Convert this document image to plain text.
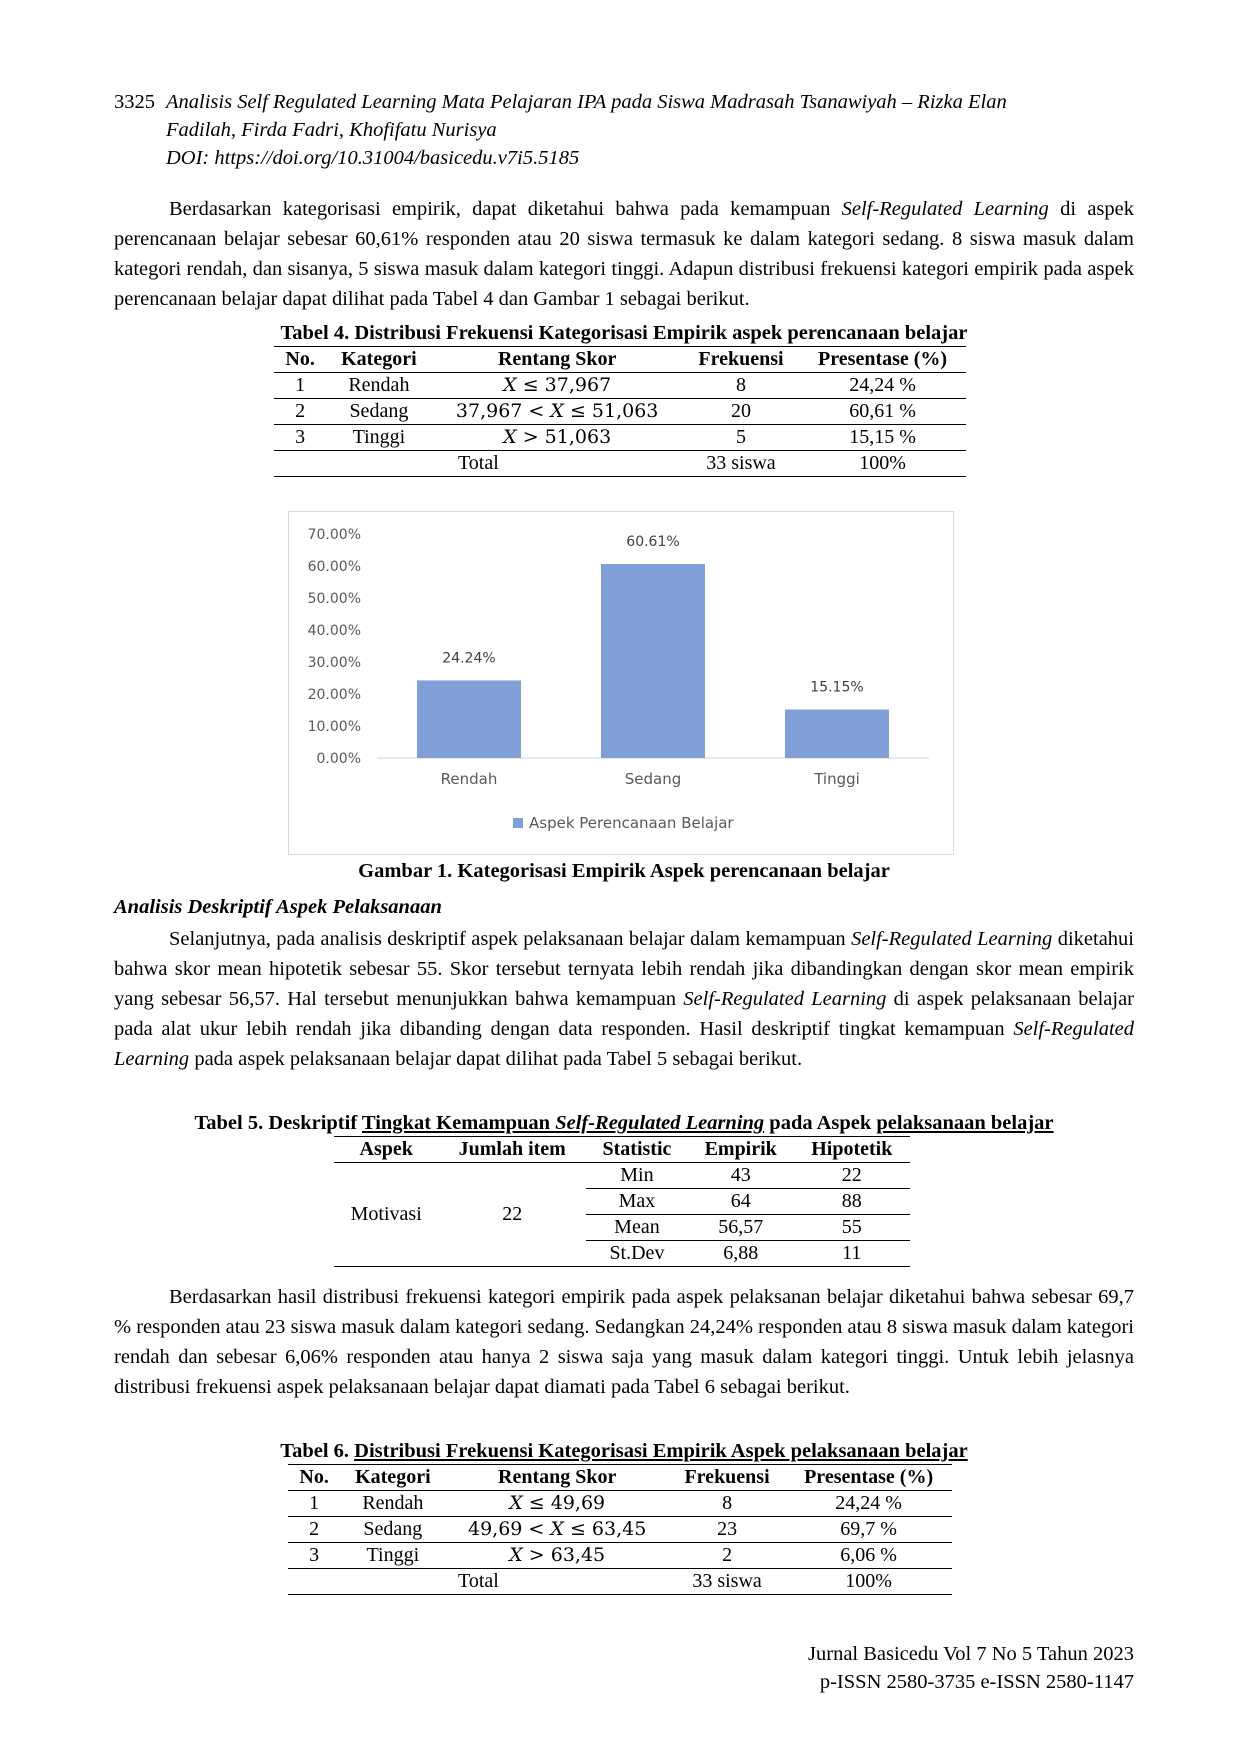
3325 Analisis Self Regulated Learning Mata Pelajaran IPA pada Siswa Madrasah Tsanawiyah – Rizka Elan
Fadilah, Firda Fadri, Khofifatu Nurisya
DOI: https://doi.org/10.31004/basicedu.v7i5.5185
Berdasarkan kategorisasi empirik, dapat diketahui bahwa pada kemampuan Self-Regulated Learning di aspek perencanaan belajar sebesar 60,61% responden atau 20 siswa termasuk ke dalam kategori sedang. 8 siswa masuk dalam kategori rendah, dan sisanya, 5 siswa masuk dalam kategori tinggi. Adapun distribusi frekuensi kategori empirik pada aspek perencanaan belajar dapat dilihat pada Tabel 4 dan Gambar 1 sebagai berikut.
Tabel 4. Distribusi Frekuensi Kategorisasi Empirik aspek perencanaan belajar
No.	Kategori	Rentang Skor	Frekuensi	Presentase (%)
1	Rendah	X ≤ 37,967	8	24,24 %
2	Sedang	37,967 < X ≤ 51,063	20	60,61 %
3	Tinggi	X > 51,063	5	15,15 %
Total			33 siswa	100%
0.00%
10.00%
20.00%
30.00%
40.00%
50.00%
60.00%
70.00%
24.24%
Rendah
60.61%
Sedang
15.15%
Tinggi
Aspek Perencanaan Belajar
Gambar 1. Kategorisasi Empirik Aspek perencanaan belajar
Analisis Deskriptif Aspek Pelaksanaan
Selanjutnya, pada analisis deskriptif aspek pelaksanaan belajar dalam kemampuan Self-Regulated Learning diketahui bahwa skor mean hipotetik sebesar 55. Skor tersebut ternyata lebih rendah jika dibandingkan dengan skor mean empirik yang sebesar 56,57. Hal tersebut menunjukkan bahwa kemampuan Self-Regulated Learning di aspek pelaksanaan belajar pada alat ukur lebih rendah jika dibanding dengan data responden. Hasil deskriptif tingkat kemampuan Self-Regulated Learning pada aspek pelaksanaan belajar dapat dilihat pada Tabel 5 sebagai berikut.
Tabel 5. Deskriptif Tingkat Kemampuan Self-Regulated Learning pada Aspek pelaksanaan belajar
Aspek	Jumlah item	Statistic	Empirik	Hipotetik
Motivasi	22	Min	43	22
		Max	64	88
		Mean	56,57	55
		St.Dev	6,88	11
Berdasarkan hasil distribusi frekuensi kategori empirik pada aspek pelaksanan belajar diketahui bahwa sebesar 69,7 % responden atau 23 siswa masuk dalam kategori sedang. Sedangkan 24,24% responden atau 8 siswa masuk dalam kategori rendah dan sebesar 6,06% responden atau hanya 2 siswa saja yang masuk dalam kategori tinggi. Untuk lebih jelasnya distribusi frekuensi aspek pelaksanaan belajar dapat diamati pada Tabel 6 sebagai berikut.
Tabel 6. Distribusi Frekuensi Kategorisasi Empirik Aspek pelaksanaan belajar
No.	Kategori	Rentang Skor	Frekuensi	Presentase (%)
1	Rendah	X ≤ 49,69	8	24,24 %
2	Sedang	49,69 < X ≤ 63,45	23	69,7 %
3	Tinggi	X > 63,45	2	6,06 %
Total			33 siswa	100%
Jurnal Basicedu Vol 7 No 5 Tahun 2023
p-ISSN 2580-3735 e-ISSN 2580-1147
